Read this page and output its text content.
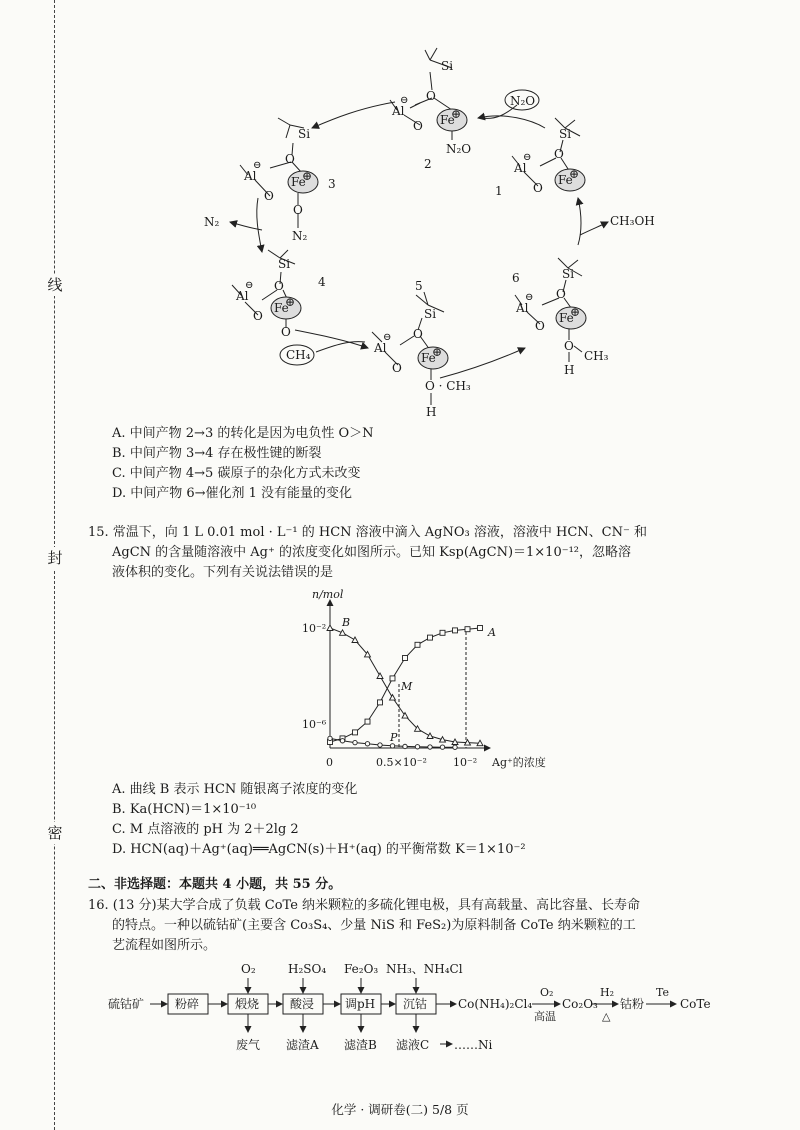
线
封
密
Si
O
Al
⊖
O Fe
⊕
N₂O
2
Si
O
Al
⊖
O
Fe
⊕
O
N₂
3
Si
O
Al
⊖
O
Fe
⊕
O
4
Si
O
Al
⊖
O
Fe
⊕
O · CH₃
H
5
Si
O
Al
⊖
O
Fe
⊕
O
CH₃
H
6
Si
O
Al
⊖
O
Fe
⊕
1
N₂O
N₂
CH₄
CH₃OH
A. 中间产物 2→3 的转化是因为电负性 O＞N
B. 中间产物 3→4 存在极性键的断裂
C. 中间产物 4→5 碳原子的杂化方式未改变
D. 中间产物 6→催化剂 1 没有能量的变化
15. 常温下，向 1 L 0.01 mol · L⁻¹ 的 HCN 溶液中滴入 AgNO₃ 溶液，溶液中 HCN、CN⁻ 和
AgCN 的含量随溶液中 Ag⁺ 的浓度变化如图所示。已知 Ksp(AgCN)＝1×10⁻¹²，忽略溶
液体积的变化。下列有关说法错误的是
n/mol
10⁻²
10⁻⁶
0	0.5×10⁻² 10⁻² Ag⁺的浓度
B
A
M
P
A. 曲线 B 表示 HCN 随银离子浓度的变化
B. Ka(HCN)＝1×10⁻¹⁰
C. M 点溶液的 pH 为 2＋2lg 2
D. HCN(aq)＋Ag⁺(aq)══AgCN(s)＋H⁺(aq) 的平衡常数 K＝1×10⁻²
二、非选择题：本题共 4 小题，共 55 分。
16. (13 分)某大学合成了负载 CoTe 纳米颗粒的多硫化锂电极，具有高载量、高比容量、长寿命
的特点。一种以硫钴矿(主要含 Co₃S₄、少量 NiS 和 FeS₂)为原料制备 CoTe 纳米颗粒的工
艺流程如图所示。
硫钴矿	粉碎	煅烧	酸浸	调pH 沉钴
O₂	H₂SO₄ Fe₂O₃ NH₃、NH₄Cl
废气 滤渣A 滤渣B 滤液C ……Ni
Co(NH₄)₂Cl₄
O₂
高温
Co₂O₃
H₂
△
钴粉
Te
CoTe
化学 · 调研卷(二) 5/8 页
